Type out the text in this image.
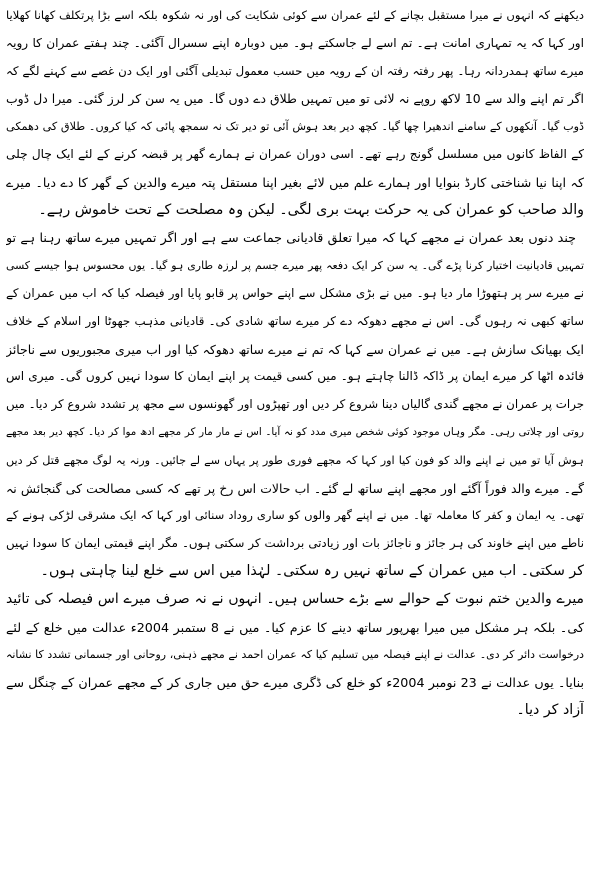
دیکھنے کہ انہوں نے میرا مستقبل بچانے کے لئے عمران سے کوئی شکایت کی اور نہ شکوہ بلکہ اسے بڑا پرتکلف کھانا کھلایا
اور کہا کہ یہ تمہاری امانت ہے۔ تم اسے لے جاسکتے ہو۔ میں دوبارہ اپنے سسرال آگئی۔ چند ہفتے عمران کا رویہ
میرے ساتھ ہمدردانہ رہا۔ پھر رفتہ رفتہ ان کے رویہ میں حسب معمول تبدیلی آگئی اور ایک دن غصے سے کہنے لگے کہ
اگر تم اپنے والد سے 10 لاکھ روپے نہ لائی تو میں تمہیں طلاق دے دوں گا۔ میں یہ سن کر لرز گئی۔ میرا دل ڈوب
ڈوب گیا۔ آنکھوں کے سامنے اندھیرا چھا گیا۔ کچھ دیر بعد ہوش آئی تو دیر تک نہ سمجھ پائی کہ کیا کروں۔ طلاق کی دھمکی
کے الفاظ کانوں میں مسلسل گونج رہے تھے۔ اسی دوران عمران نے ہمارے گھر پر قبضہ کرنے کے لئے ایک چال چلی
کہ اپنا نیا شناختی کارڈ بنوایا اور ہمارے علم میں لائے بغیر اپنا مستقل پتہ میرے والدین کے گھر کا دے دیا۔ میرے
والد صاحب کو عمران کی یہ حرکت بہت بری لگی۔ لیکن وہ مصلحت کے تحت خاموش رہے۔
چند دنوں بعد عمران نے مجھے کہا کہ میرا تعلق قادیانی جماعت سے ہے اور اگر تمہیں میرے ساتھ رہنا ہے تو
تمہیں قادیانیت اختیار کرنا پڑے گی۔ یہ سن کر ایک دفعہ پھر میرے جسم پر لرزہ طاری ہو گیا۔ یوں محسوس ہوا جیسے کسی
نے میرے سر پر ہتھوڑا مار دیا ہو۔ میں نے بڑی مشکل سے اپنے حواس پر قابو پایا اور فیصلہ کیا کہ اب میں عمران کے
ساتھ کبھی نہ رہوں گی۔ اس نے مجھے دھوکہ دے کر میرے ساتھ شادی کی۔ قادیانی مذہب جھوٹا اور اسلام کے خلاف
ایک بھیانک سازش ہے۔ میں نے عمران سے کہا کہ تم نے میرے ساتھ دھوکہ کیا اور اب میری مجبوریوں سے ناجائز
فائدہ اٹھا کر میرے ایمان پر ڈاکہ ڈالنا چاہتے ہو۔ میں کسی قیمت پر اپنے ایمان کا سودا نہیں کروں گی۔ میری اس
جرات پر عمران نے مجھے گندی گالیاں دینا شروع کر دیں اور تھپڑوں اور گھونسوں سے مجھ پر تشدد شروع کر دیا۔ میں
روتی اور چلاتی رہی۔ مگر وہاں موجود کوئی شخص میری مدد کو نہ آیا۔ اس نے مار مار کر مجھے ادھ موا کر دیا۔ کچھ دیر بعد مجھے
ہوش آیا تو میں نے اپنے والد کو فون کیا اور کہا کہ مجھے فوری طور پر یہاں سے لے جائیں۔ ورنہ یہ لوگ مجھے قتل کر دیں
گے۔ میرے والد فوراً آگئے اور مجھے اپنے ساتھ لے گئے۔ اب حالات اس رخ پر تھے کہ کسی مصالحت کی گنجائش نہ
تھی۔ یہ ایمان و کفر کا معاملہ تھا۔ میں نے اپنے گھر والوں کو ساری روداد سنائی اور کہا کہ ایک مشرقی لڑکی ہونے کے
ناطے میں اپنے خاوند کی ہر جائز و ناجائز بات اور زیادتی برداشت کر سکتی ہوں۔ مگر اپنے قیمتی ایمان کا سودا نہیں
کر سکتی۔ اب میں عمران کے ساتھ نہیں رہ سکتی۔ لہٰذا میں اس سے خلع لینا چاہتی ہوں۔
میرے والدین ختم نبوت کے حوالے سے بڑے حساس ہیں۔ انہوں نے نہ صرف میرے اس فیصلہ کی تائید
کی۔ بلکہ ہر مشکل میں میرا بھرپور ساتھ دینے کا عزم کیا۔ میں نے 8 ستمبر 2004ء عدالت میں خلع کے لئے
درخواست دائر کر دی۔ عدالت نے اپنے فیصلہ میں تسلیم کیا کہ عمران احمد نے مجھے ذہنی، روحانی اور جسمانی تشدد کا نشانہ
بنایا۔ یوں عدالت نے 23 نومبر 2004ء کو خلع کی ڈگری میرے حق میں جاری کر کے مجھے عمران کے چنگل سے
آزاد کر دیا۔
